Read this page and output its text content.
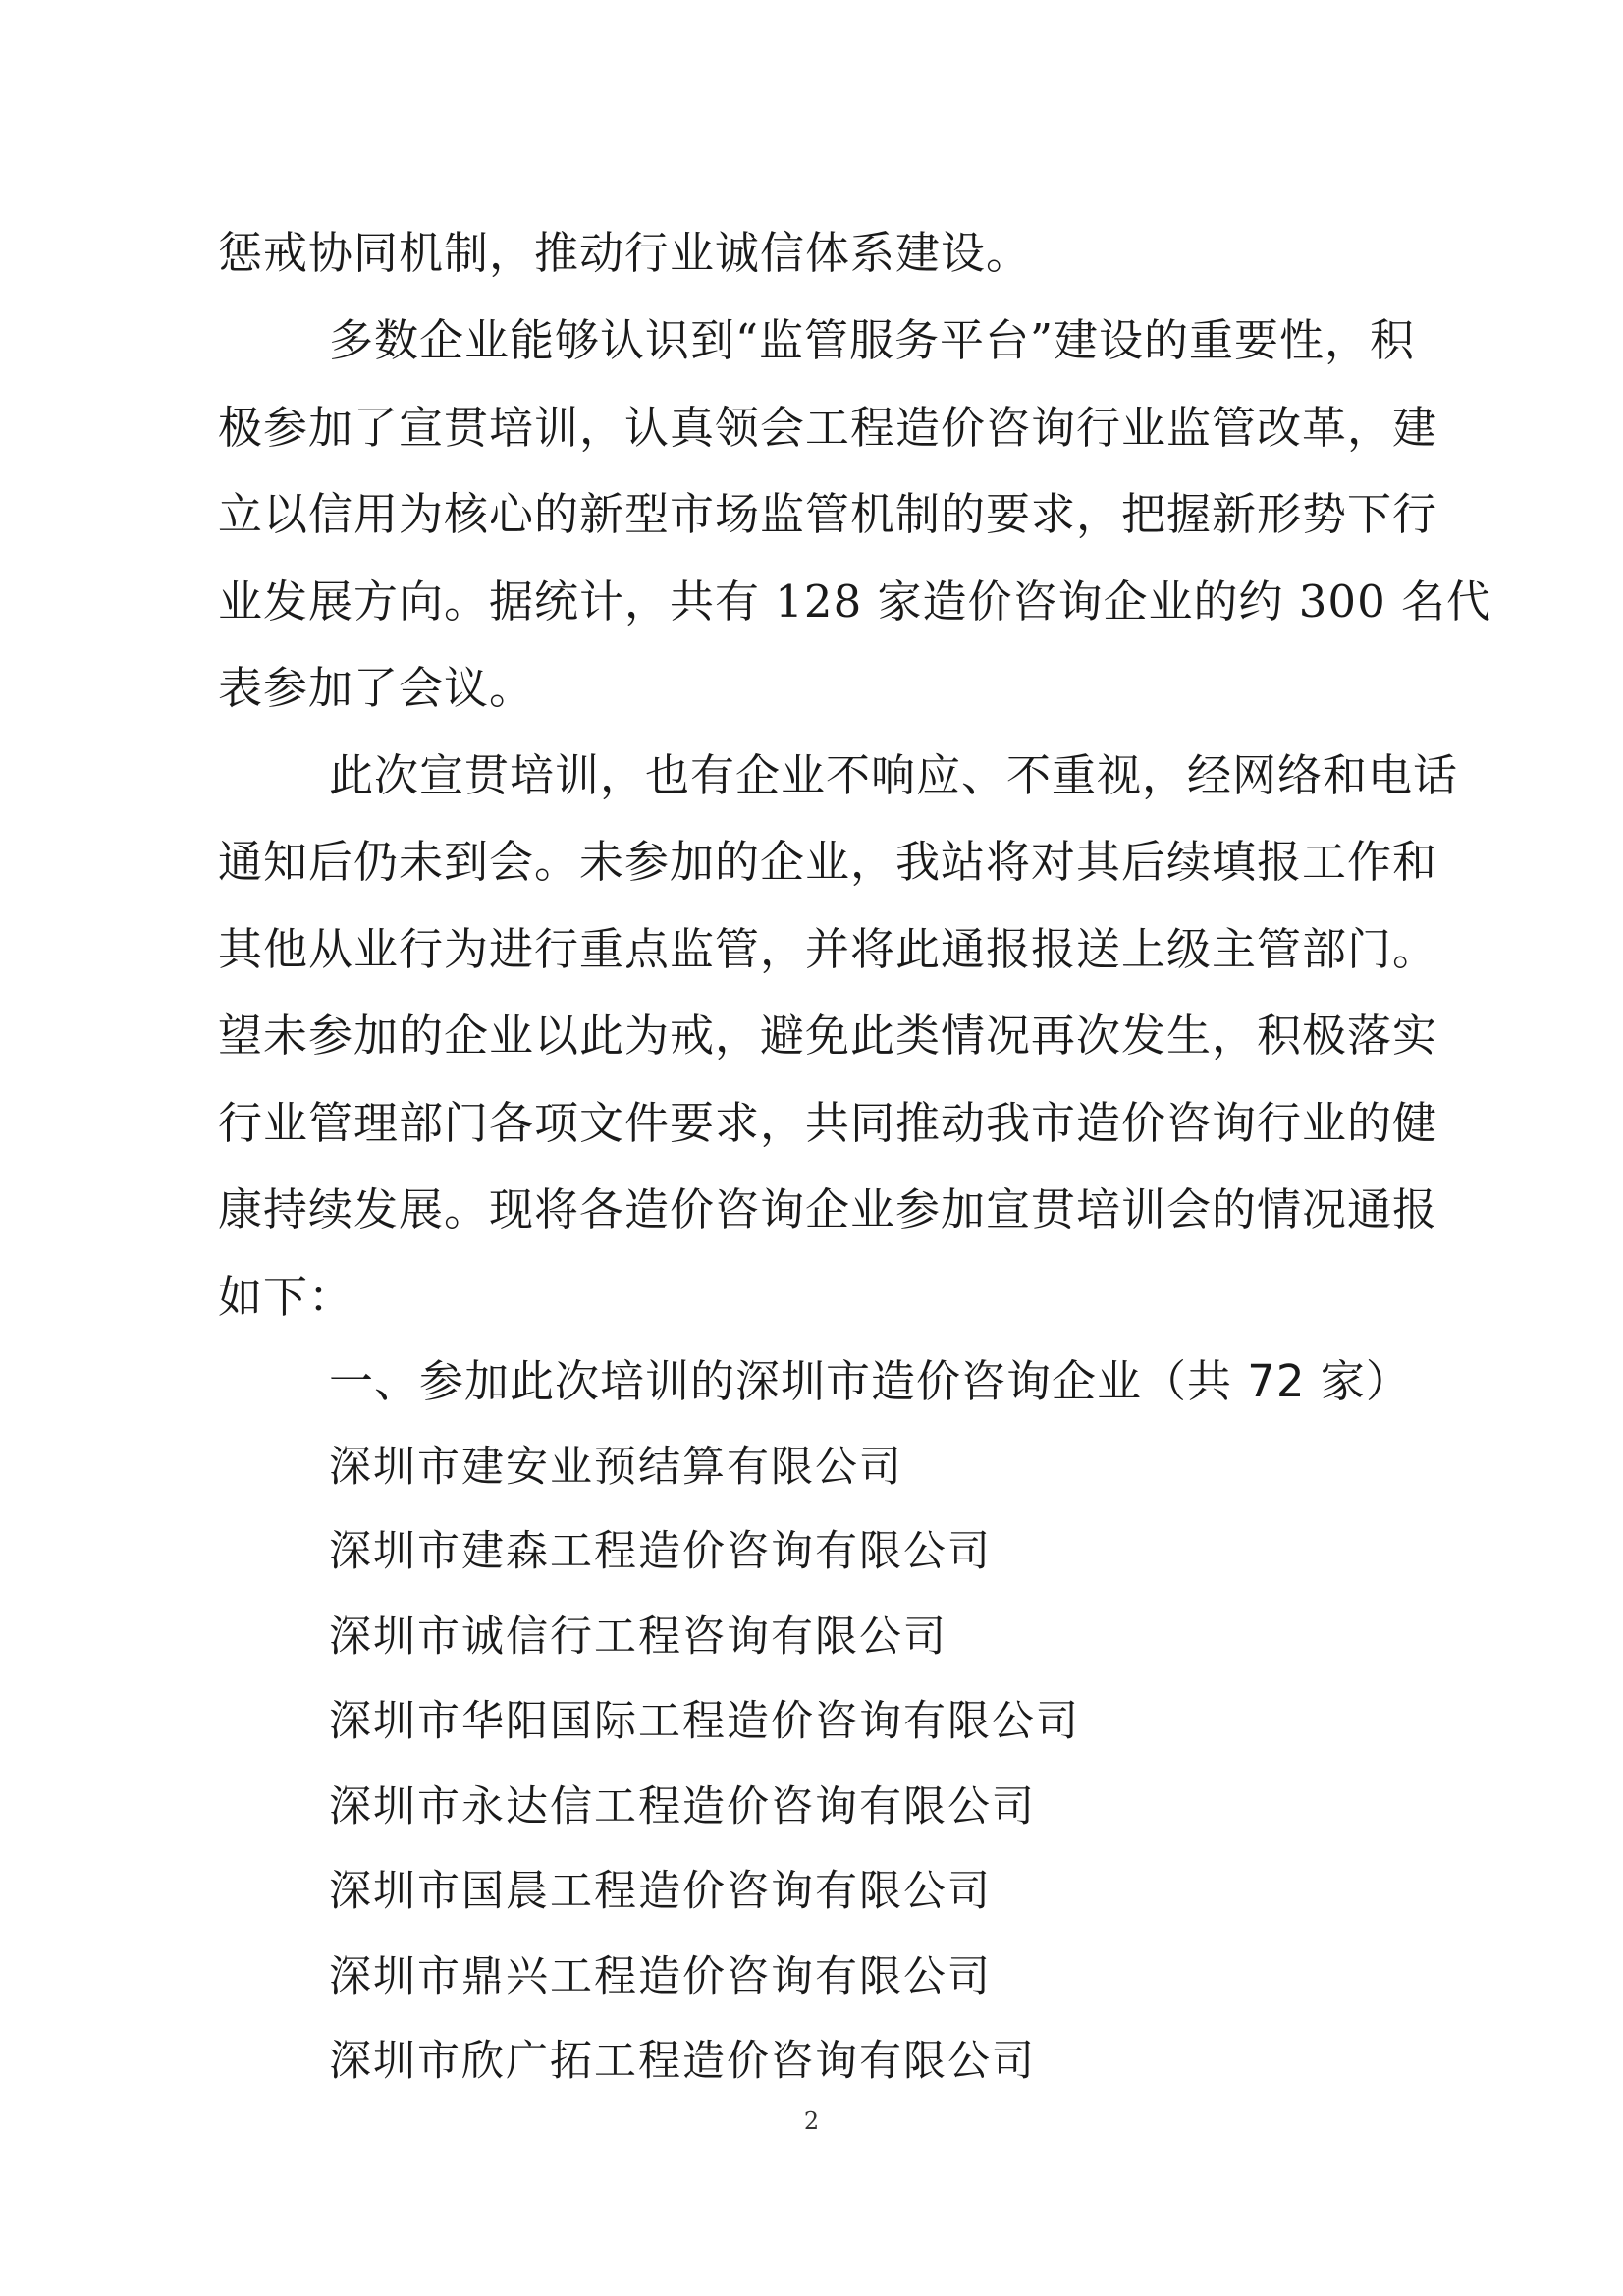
惩戒协同机制，推动行业诚信体系建设。
多数企业能够认识到“监管服务平台”建设的重要性，积
极参加了宣贯培训，认真领会工程造价咨询行业监管改革，建
立以信用为核心的新型市场监管机制的要求，把握新形势下行
业发展方向。据统计，共有 128 家造价咨询企业的约 300 名代
表参加了会议。
此次宣贯培训，也有企业不响应、不重视，经网络和电话
通知后仍未到会。未参加的企业，我站将对其后续填报工作和
其他从业行为进行重点监管，并将此通报报送上级主管部门。
望未参加的企业以此为戒，避免此类情况再次发生，积极落实
行业管理部门各项文件要求，共同推动我市造价咨询行业的健
康持续发展。现将各造价咨询企业参加宣贯培训会的情况通报
如下：
一、参加此次培训的深圳市造价咨询企业（共 72 家）
深圳市建安业预结算有限公司
深圳市建森工程造价咨询有限公司
深圳市诚信行工程咨询有限公司
深圳市华阳国际工程造价咨询有限公司
深圳市永达信工程造价咨询有限公司
深圳市国晨工程造价咨询有限公司
深圳市鼎兴工程造价咨询有限公司
深圳市欣广拓工程造价咨询有限公司
2
